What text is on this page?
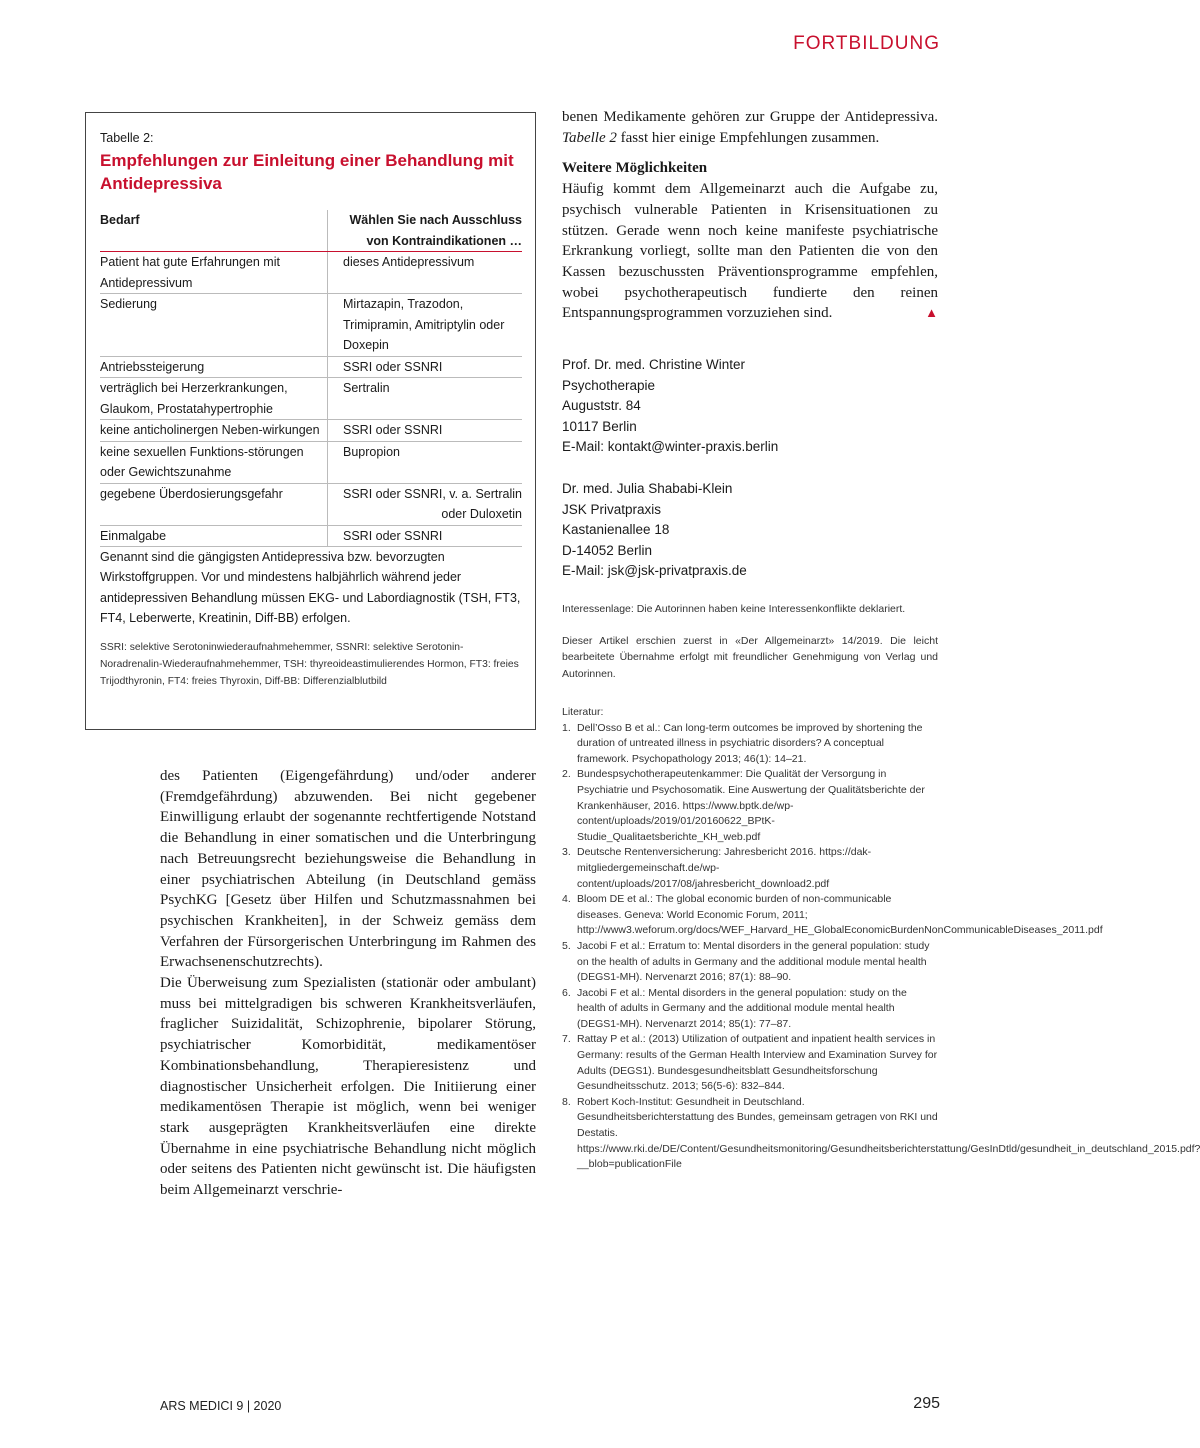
FORTBILDUNG
Tabelle 2:
Empfehlungen zur Einleitung einer Behandlung mit Antidepressiva
Bedarf	Wählen Sie nach Ausschluss von Kontraindikationen …
Patient hat gute Erfahrungen mit Antidepressivum	dieses Antidepressivum
Sedierung	Mirtazapin, Trazodon, Trimipramin, Amitriptylin oder Doxepin
Antriebssteigerung	SSRI oder SSNRI
verträglich bei Herzerkrankungen, Glaukom, Prostatahypertrophie	Sertralin
keine anticholinergen Neben-wirkungen	SSRI oder SSNRI
keine sexuellen Funktions-störungen oder Gewichtszunahme	Bupropion
gegebene Überdosierungsgefahr	SSRI oder SSNRI, v. a. Sertralin oder Duloxetin
Einmalgabe	SSRI oder SSNRI
Genannt sind die gängigsten Antidepressiva bzw. bevorzugten Wirkstoffgruppen. Vor und mindestens halbjährlich während jeder antidepressiven Behandlung müssen EKG- und Labordiagnostik (TSH, FT3, FT4, Leberwerte, Kreatinin, Diff-BB) erfolgen.
SSRI: selektive Serotoninwiederaufnahmehemmer, SSNRI: selektive Serotonin-Noradrenalin-Wiederaufnahmehemmer, TSH: thyreoideastimulierendes Hormon, FT3: freies Trijodthyronin, FT4: freies Thyroxin, Diff-BB: Differenzialblutbild

des Patienten (Eigengefährdung) und/oder anderer (Fremdgefährdung) abzuwenden. Bei nicht gegebener Einwilligung erlaubt der sogenannte rechtfertigende Notstand die Behandlung in einer somatischen und die Unterbringung nach Betreuungsrecht beziehungsweise die Behandlung in einer psychiatrischen Abteilung (in Deutschland gemäss PsychKG [Gesetz über Hilfen und Schutzmassnahmen bei psychischen Krankheiten], in der Schweiz gemäss dem Verfahren der Fürsorgerischen Unterbringung im Rahmen des Erwachsenenschutzrechts).

Die Überweisung zum Spezialisten (stationär oder ambulant) muss bei mittelgradigen bis schweren Krankheitsverläufen, fraglicher Suizidalität, Schizophrenie, bipolarer Störung, psychiatrischer Komorbidität, medikamentöser Kombinationsbehandlung, Therapieresistenz und diagnostischer Unsicherheit erfolgen. Die Initiierung einer medikamentösen Therapie ist möglich, wenn bei weniger stark ausgeprägten Krankheitsverläufen eine direkte Übernahme in eine psychiatrische Behandlung nicht möglich oder seitens des Patienten nicht gewünscht ist. Die häufigsten beim Allgemeinarzt verschrie-

benen Medikamente gehören zur Gruppe der Antidepressiva. Tabelle 2 fasst hier einige Empfehlungen zusammen.

Weitere Möglichkeiten

Häufig kommt dem Allgemeinarzt auch die Aufgabe zu, psychisch vulnerable Patienten in Krisensituationen zu stützen. Gerade wenn noch keine manifeste psychiatrische Erkrankung vorliegt, sollte man den Patienten die von den Kassen bezuschussten Präventionsprogramme empfehlen, wobei psychotherapeutisch fundierte den reinen Entspannungsprogrammen vorzuziehen sind.	▲

Prof. Dr. med. Christine Winter
Psychotherapie
Auguststr. 84
10117 Berlin
E-Mail: kontakt@winter-praxis.berlin
Dr. med. Julia Shababi-Klein
JSK Privatpraxis
Kastanienallee 18
D-14052 Berlin
E-Mail: jsk@jsk-privatpraxis.de
Interessenlage: Die Autorinnen haben keine Interessenkonflikte deklariert.
Dieser Artikel erschien zuerst in «Der Allgemeinarzt» 14/2019. Die leicht bearbeitete Übernahme erfolgt mit freundlicher Genehmigung von Verlag und Autorinnen.
Literatur:
1. Dell’Osso B et al.: Can long-term outcomes be improved by shortening the duration of untreated illness in psychiatric disorders? A conceptual framework. Psychopathology 2013; 46(1): 14–21.
2. Bundespsychotherapeutenkammer: Die Qualität der Versorgung in Psychiatrie und Psychosomatik. Eine Auswertung der Qualitätsberichte der Krankenhäuser, 2016. https://www.bptk.de/wp-content/uploads/2019/01/20160622_BPtK-Studie_Qualitaetsberichte_KH_web.pdf
3. Deutsche Rentenversicherung: Jahresbericht 2016. https://dak-mitgliedergemeinschaft.de/wp-content/uploads/2017/08/jahresbericht_download2.pdf
4. Bloom DE et al.: The global economic burden of non-communicable diseases. Geneva: World Economic Forum, 2011; http://www3.weforum.org/docs/WEF_Harvard_HE_GlobalEconomicBurdenNonCommunicableDiseases_2011.pdf
5. Jacobi F et al.: Erratum to: Mental disorders in the general population: study on the health of adults in Germany and the additional module mental health (DEGS1-MH). Nervenarzt 2016; 87(1): 88–90.
6. Jacobi F et al.: Mental disorders in the general population: study on the health of adults in Germany and the additional module mental health (DEGS1-MH). Nervenarzt 2014; 85(1): 77–87.
7. Rattay P et al.: (2013) Utilization of outpatient and inpatient health services in Germany: results of the German Health Interview and Examination Survey for Adults (DEGS1). Bundesgesundheitsblatt Gesundheitsforschung Gesundheitsschutz. 2013; 56(5-6): 832–844.
8. Robert Koch-Institut: Gesundheit in Deutschland. Gesundheitsberichterstattung des Bundes, gemeinsam getragen von RKI und Destatis. https://www.rki.de/DE/Content/Gesundheitsmonitoring/Gesundheitsberichterstattung/GesInDtld/gesundheit_in_deutschland_2015.pdf?__blob=publicationFile
ARS MEDICI 9 | 2020	295
